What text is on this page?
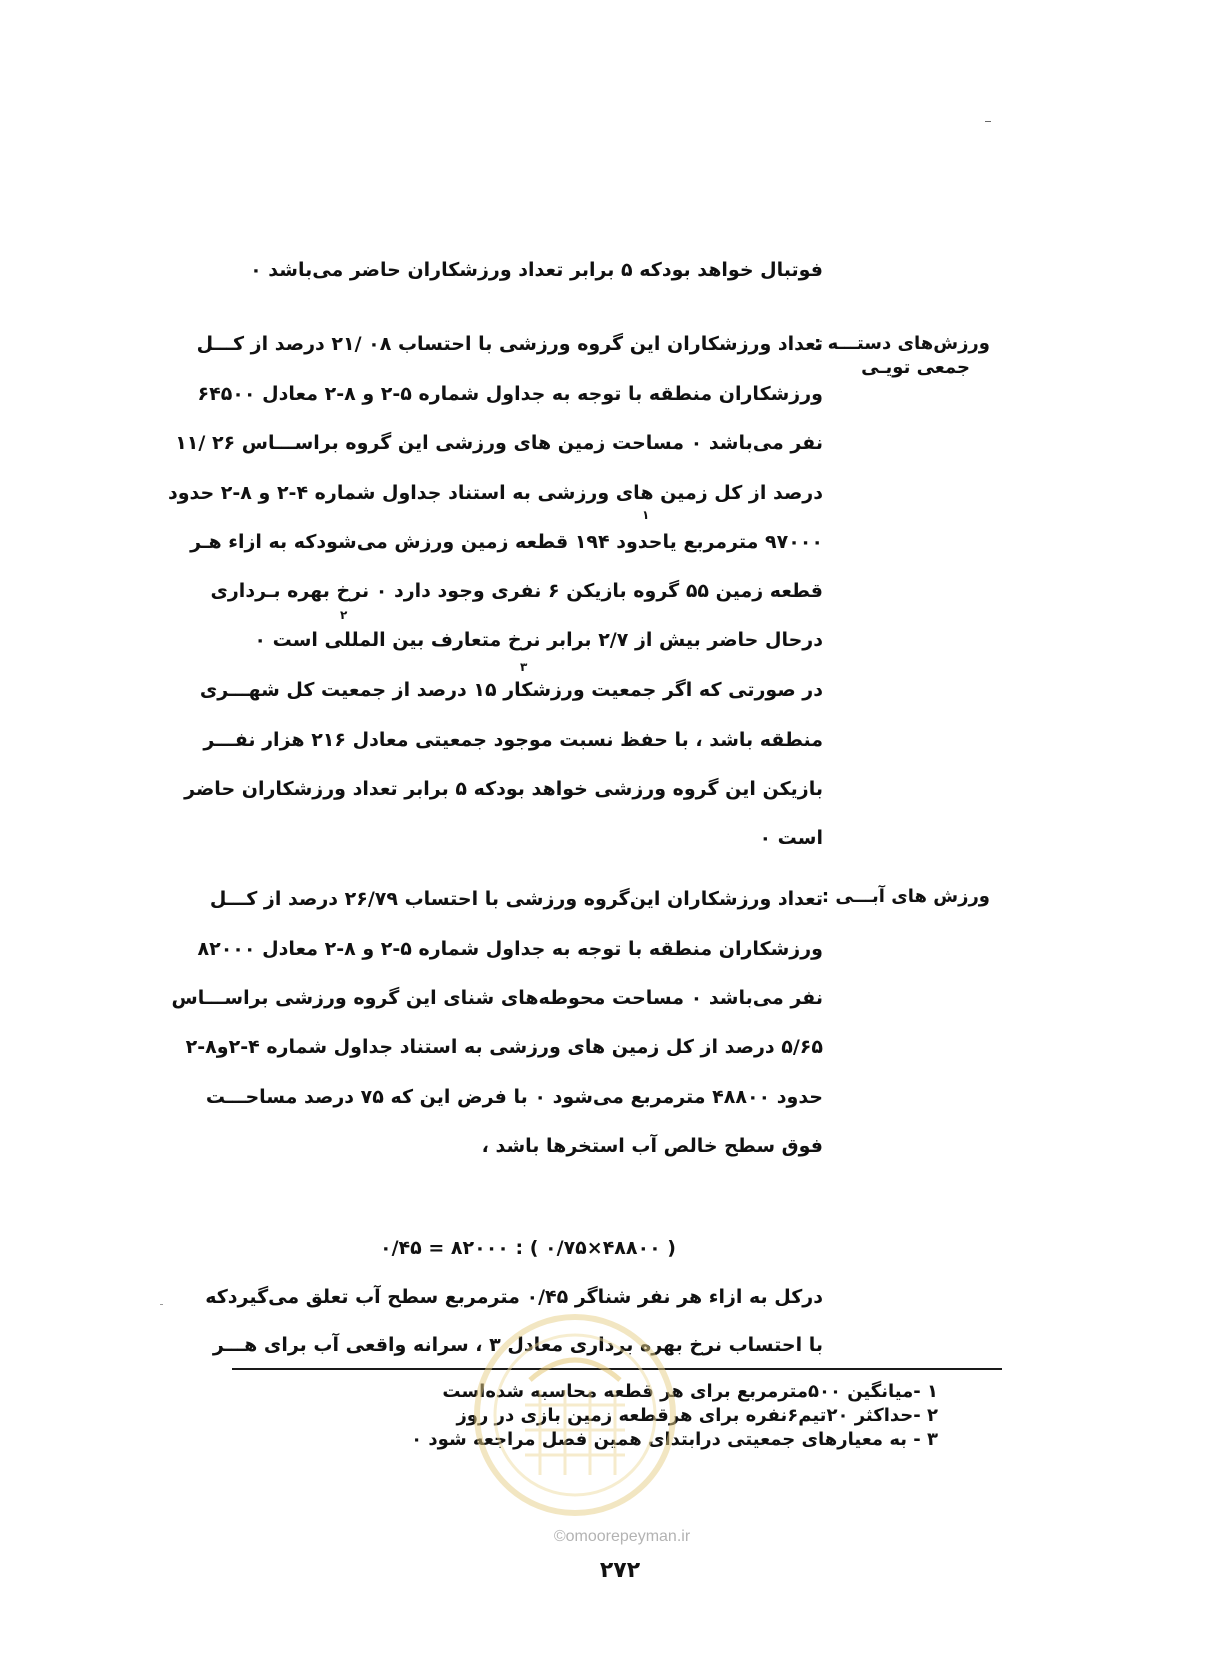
فوتبال خواهد بودکه ۵ برابر تعداد ورزشکاران حاضر می‌باشد ۰
ورزش‌های دستـــه :
جمعی تویـی
تعداد ورزشکاران این گروه ورزشی با احتساب ۰۸ /۲۱ درصد از کـــل
ورزشکاران منطقه با توجه به جداول شماره ۵-۲ و ۸-۲ معادل ۶۴۵۰۰
نفر می‌باشد ۰ مساحت زمین های ورزشی این گروه براســـاس ۲۶ /۱۱
درصد از کل زمین های ورزشی به استناد جداول شماره ۴-۲ و ۸-۲ حدود
۹۷۰۰۰ مترمربع یاحدود ۱۹۴ قطعه زمین ورزش می‌شودکه به ازاء هـر
قطعه زمین ۵۵ گروه بازیکن ۶ نفری وجود دارد ۰ نرخ بهره بـرداری
درحال حاضر بیش از ۲/۷ برابر نرخ متعارف بین المللی است ۰
در صورتی که اگر جمعیت ورزشکار ۱۵ درصد از جمعیت کل شهـــری
منطقه باشد ، با حفظ نسبت موجود جمعیتی معادل ۲۱۶ هزار نفـــر
بازیکن این گروه ورزشی خواهد بودکه ۵ برابر تعداد ورزشکاران حاضر
است ۰
۱
۲
۳
ورزش های آبـــی :
تعداد ورزشکاران این‌گروه ورزشی با احتساب ۲۶/۷۹ درصد از کـــل
ورزشکاران منطقه با توجه به جداول شماره ۵-۲ و ۸-۲ معادل ۸۲۰۰۰
نفر می‌باشد ۰ مساحت محوطه‌های شنای این گروه ورزشی براســـاس
۵/۶۵ درصد از کل زمین های ورزشی به استناد جداول شماره ۴-۲و۸-۲
حدود ۴۸۸۰۰ مترمربع می‌شود ۰ با فرض این که ۷۵ درصد مساحـــت
فوق سطح خالص آب استخرها باشد ،
( ۴۸۸۰۰×۰/۷۵ ) : ۸۲۰۰۰ = ۰/۴۵
درکل به ازاء هر نفر شناگر ۰/۴۵ مترمربع سطح آب تعلق می‌گیردکه
با احتساب نرخ بهره برداری معادل ۳ ، سرانه واقعی آب برای هـــر
۱ -میانگین ۵۰۰مترمربع برای هر قطعه محاسبه شده‌است
۲ -حداکثر ۲۰تیم۶نفره برای هرقطعه زمین بازی در روز
۳ - به معیارهای جمعیتی درابتدای همین فصل مراجعه شود ۰
©omoorepeyman.ir
۲۷۲
